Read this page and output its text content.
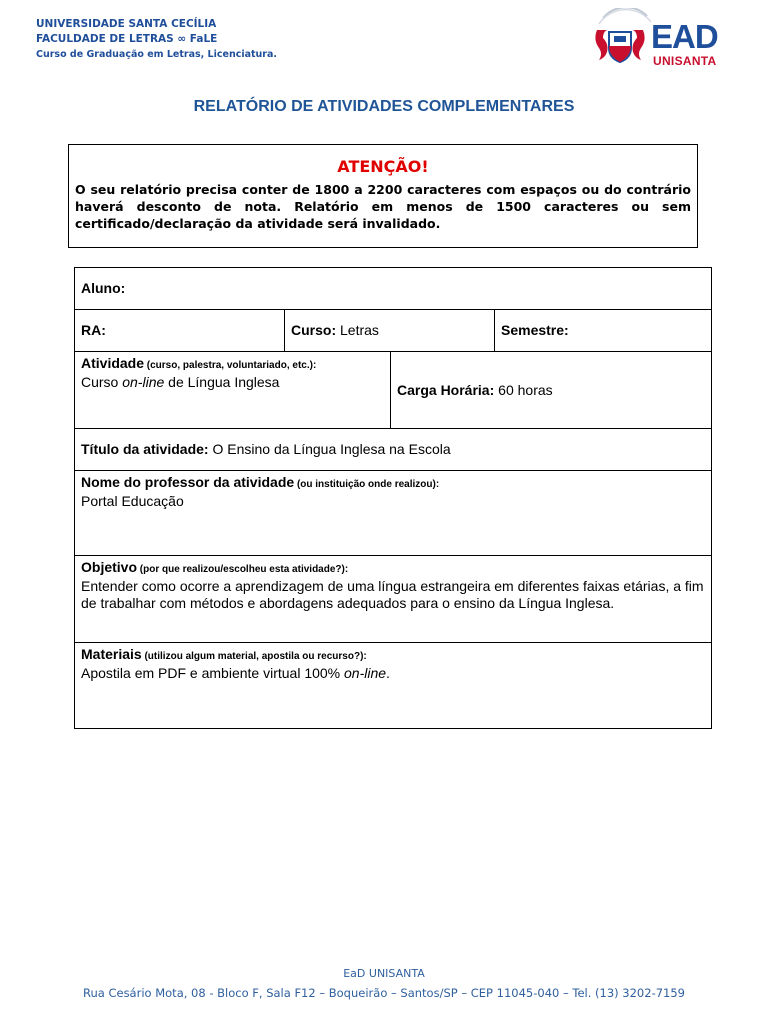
UNIVERSIDADE SANTA CECÍLIA
FACULDADE DE LETRAS ∞ FaLE
Curso de Graduação em Letras, Licenciatura.	EAD
UNISANTA
RELATÓRIO DE ATIVIDADES COMPLEMENTARES
ATENÇÃO!
O seu relatório precisa conter de 1800 a 2200 caracteres com espaços ou do contrário haverá desconto de nota. Relatório em menos de 1500 caracteres ou sem certificado/declaração da atividade será invalidado.
Aluno:			
RA:	Curso: Letras		Semestre:
Atividade (curso, palestra, voluntariado, etc.):
Curso on-line de Língua Inglesa		Carga Horária: 60 horas	
Título da atividade: O Ensino da Língua Inglesa na Escola			
Nome do professor da atividade (ou instituição onde realizou):
Portal Educação			
Objetivo (por que realizou/escolheu esta atividade?):
Entender como ocorre a aprendizagem de uma língua estrangeira em diferentes faixas etárias, a fim de trabalhar com métodos e abordagens adequados para o ensino da Língua Inglesa.			
Materiais (utilizou algum material, apostila ou recurso?):
Apostila em PDF e ambiente virtual 100% on-line.			
EaD UNISANTA
Rua Cesário Mota, 08 - Bloco F, Sala F12 – Boqueirão – Santos/SP – CEP 11045-040 – Tel. (13) 3202-7159
